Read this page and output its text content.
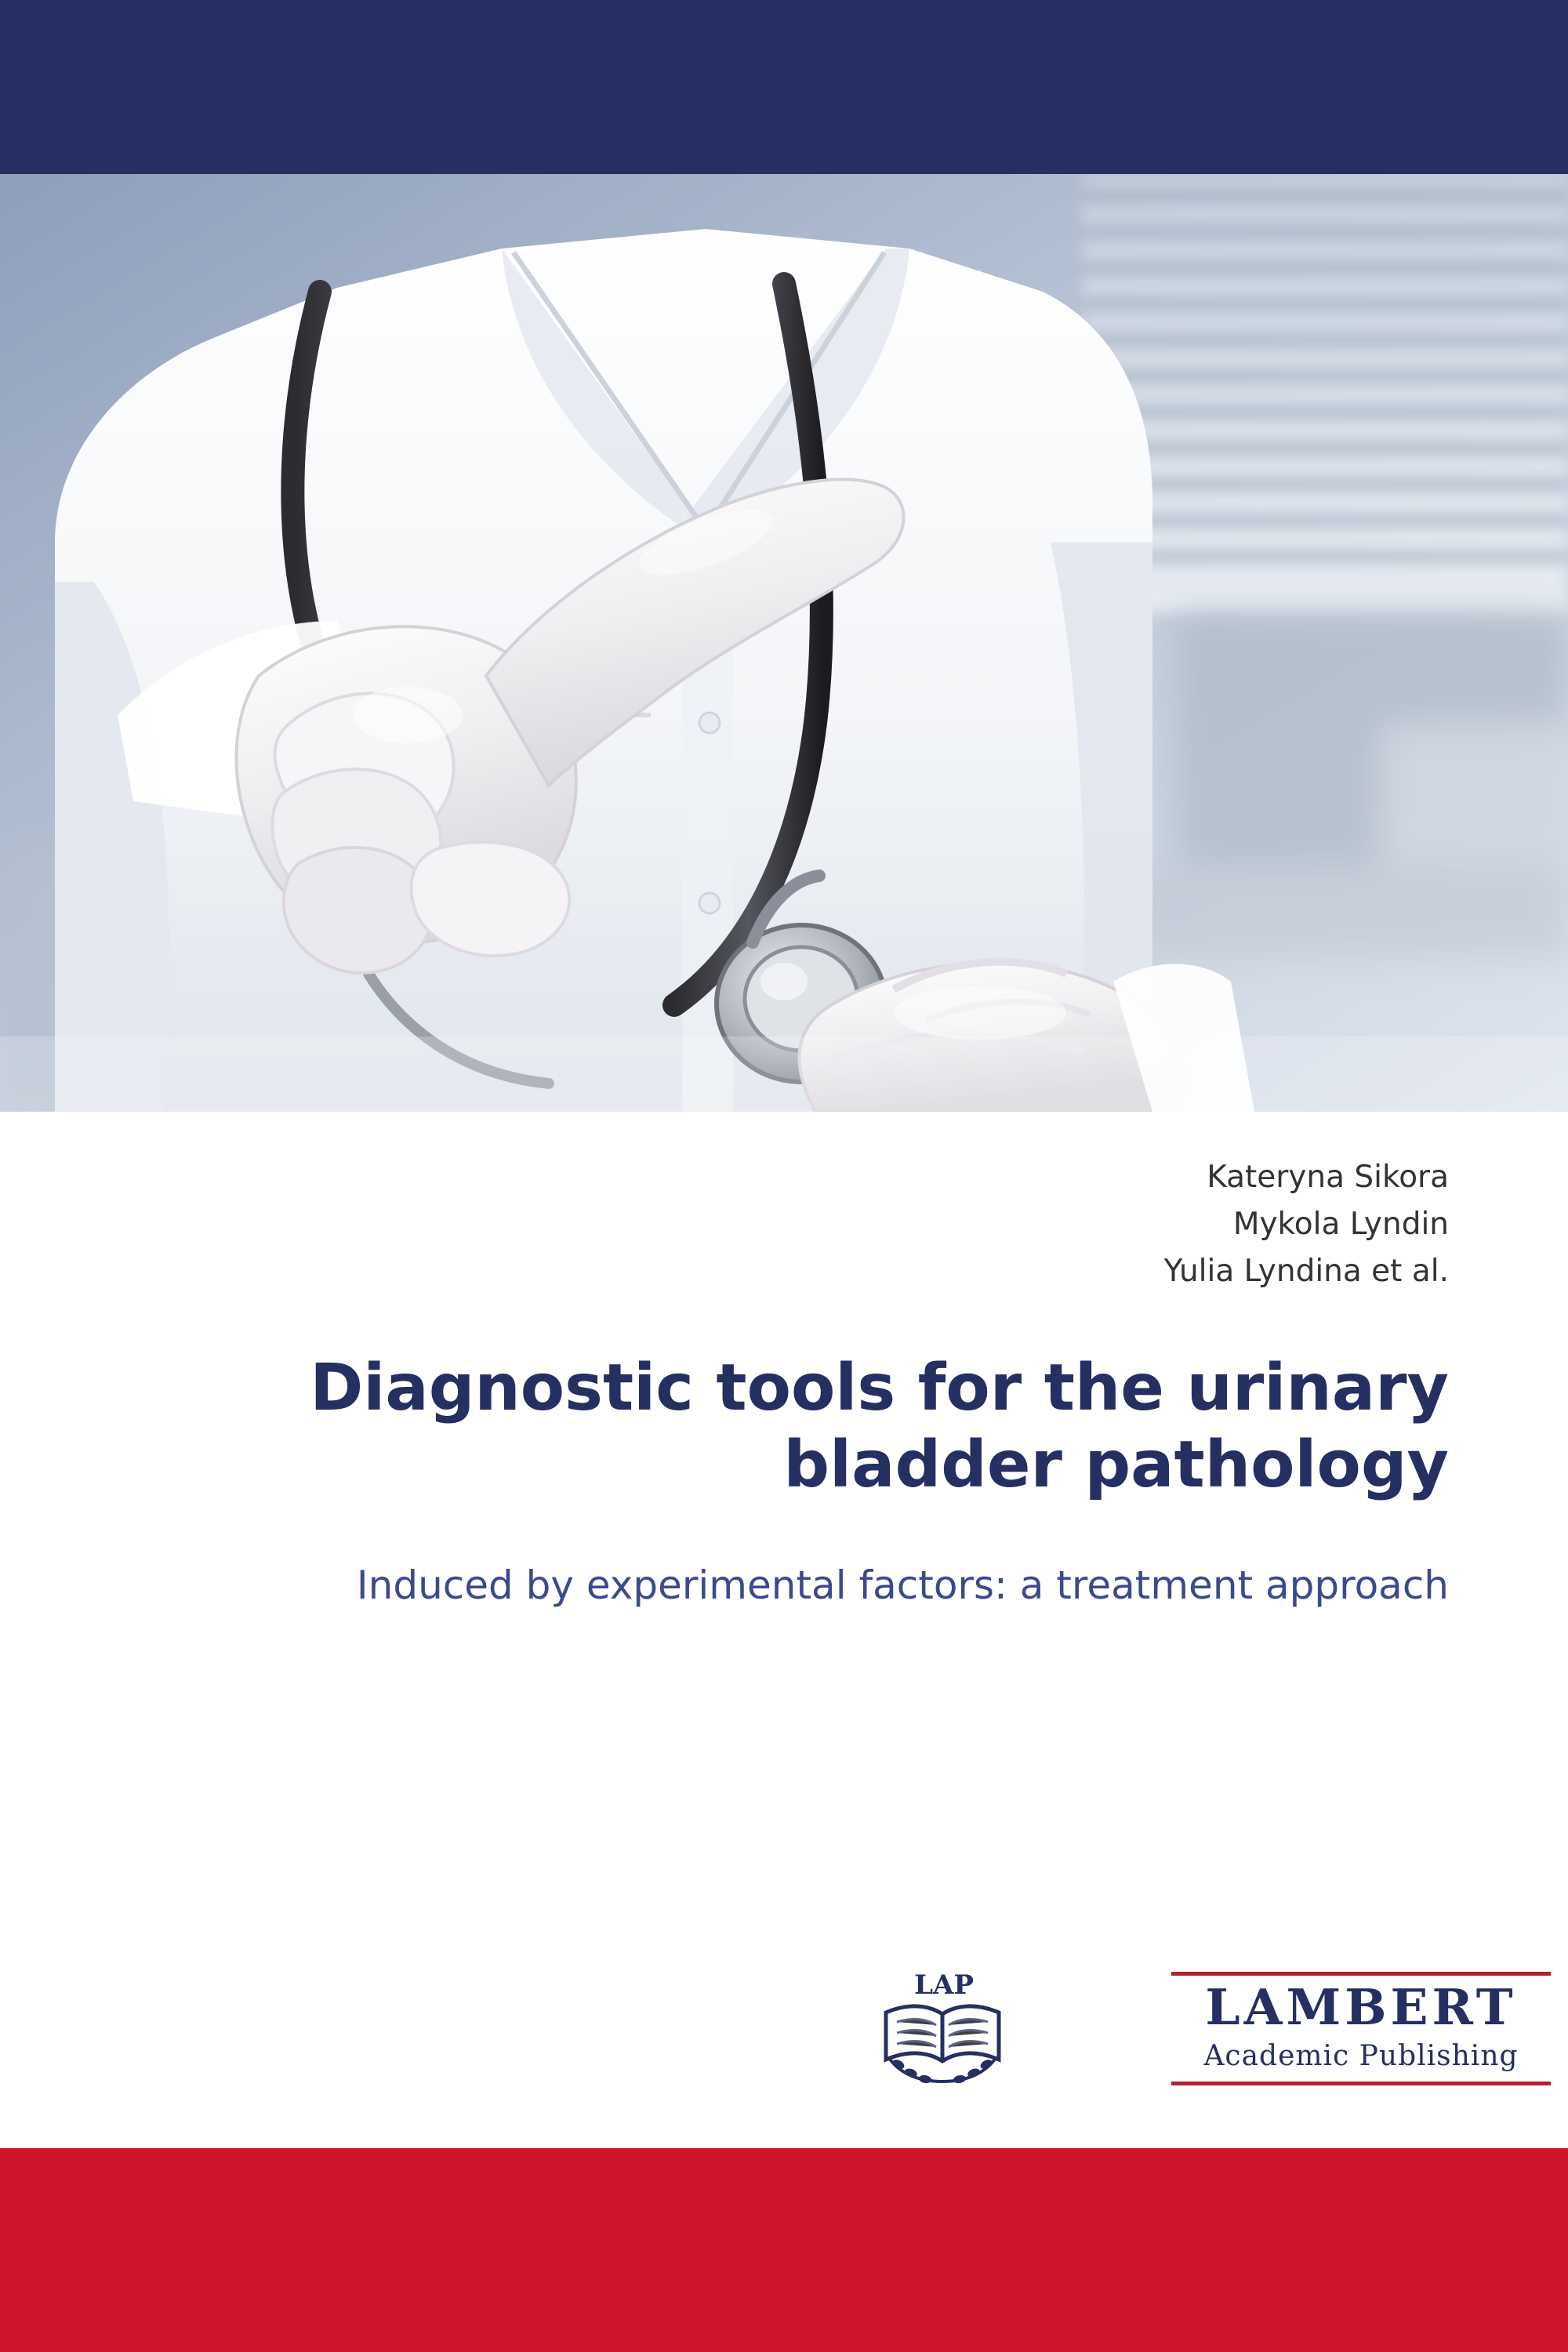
Kateryna Sikora
Mykola Lyndin
Yulia Lyndina et al.
Diagnostic tools for the urinary bladder pathology
Induced by experimental factors: a treatment approach
LAP	LAMBERT
Academic Publishing
